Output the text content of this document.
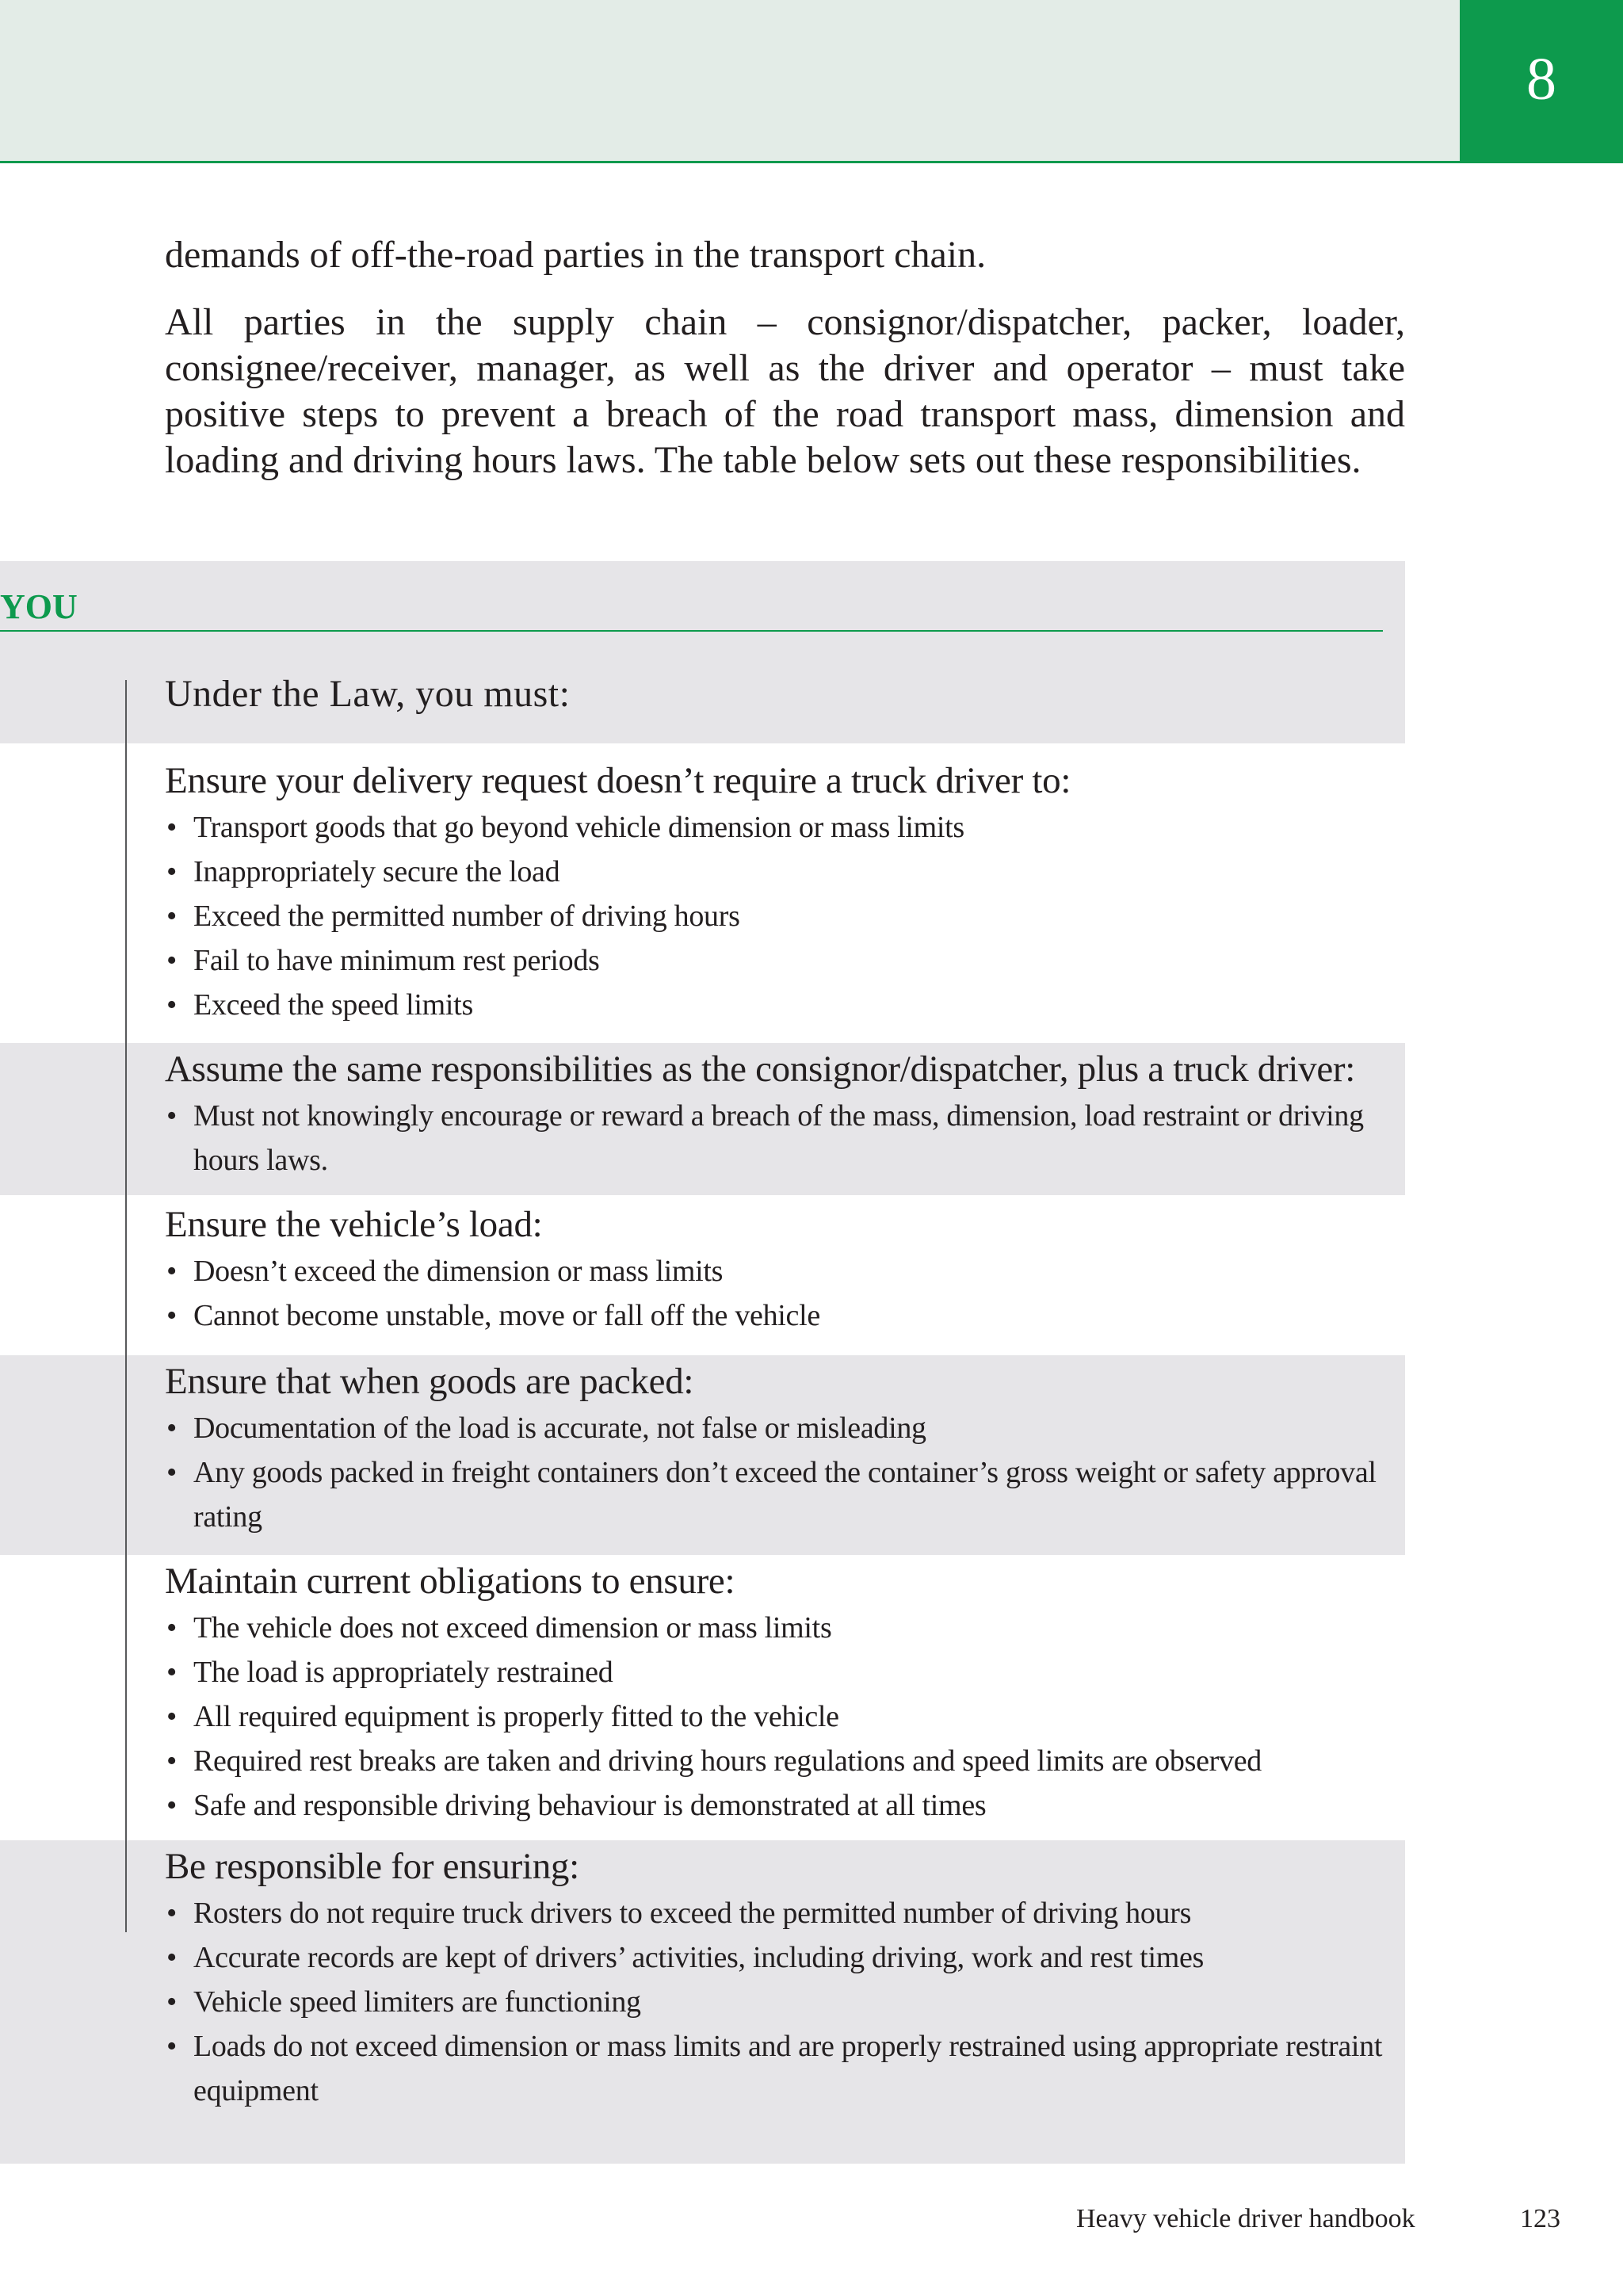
8
demands of off-the-road parties in the transport chain.
All parties in the supply chain – consignor/dispatcher, packer, loader, consignee/receiver, manager, as well as the driver and operator – must take positive steps to prevent a breach of the road transport mass, dimension and loading and driving hours laws. The table below sets out these responsibilities.
YOU
Under the Law, you must:

Ensure your delivery request doesn’t require a truck driver to:

• Transport goods that go beyond vehicle dimension or mass limits
• Inappropriately secure the load
• Exceed the permitted number of driving hours
• Fail to have minimum rest periods
• Exceed the speed limits

Assume the same responsibilities as the consignor/dispatcher, plus a truck driver:

• Must not knowingly encourage or reward a breach of the mass, dimension, load restraint or driving hours laws.

Ensure the vehicle’s load:

• Doesn’t exceed the dimension or mass limits
• Cannot become unstable, move or fall off the vehicle

Ensure that when goods are packed:

• Documentation of the load is accurate, not false or misleading
• Any goods packed in freight containers don’t exceed the container’s gross weight or safety approval rating

Maintain current obligations to ensure:

• The vehicle does not exceed dimension or mass limits
• The load is appropriately restrained
• All required equipment is properly fitted to the vehicle
• Required rest breaks are taken and driving hours regulations and speed limits are observed
• Safe and responsible driving behaviour is demonstrated at all times

Be responsible for ensuring:

• Rosters do not require truck drivers to exceed the permitted number of driving hours
• Accurate records are kept of drivers’ activities, including driving, work and rest times
• Vehicle speed limiters are functioning
• Loads do not exceed dimension or mass limits and are properly restrained using appropriate restraint equipment
Heavy vehicle driver handbook	123
